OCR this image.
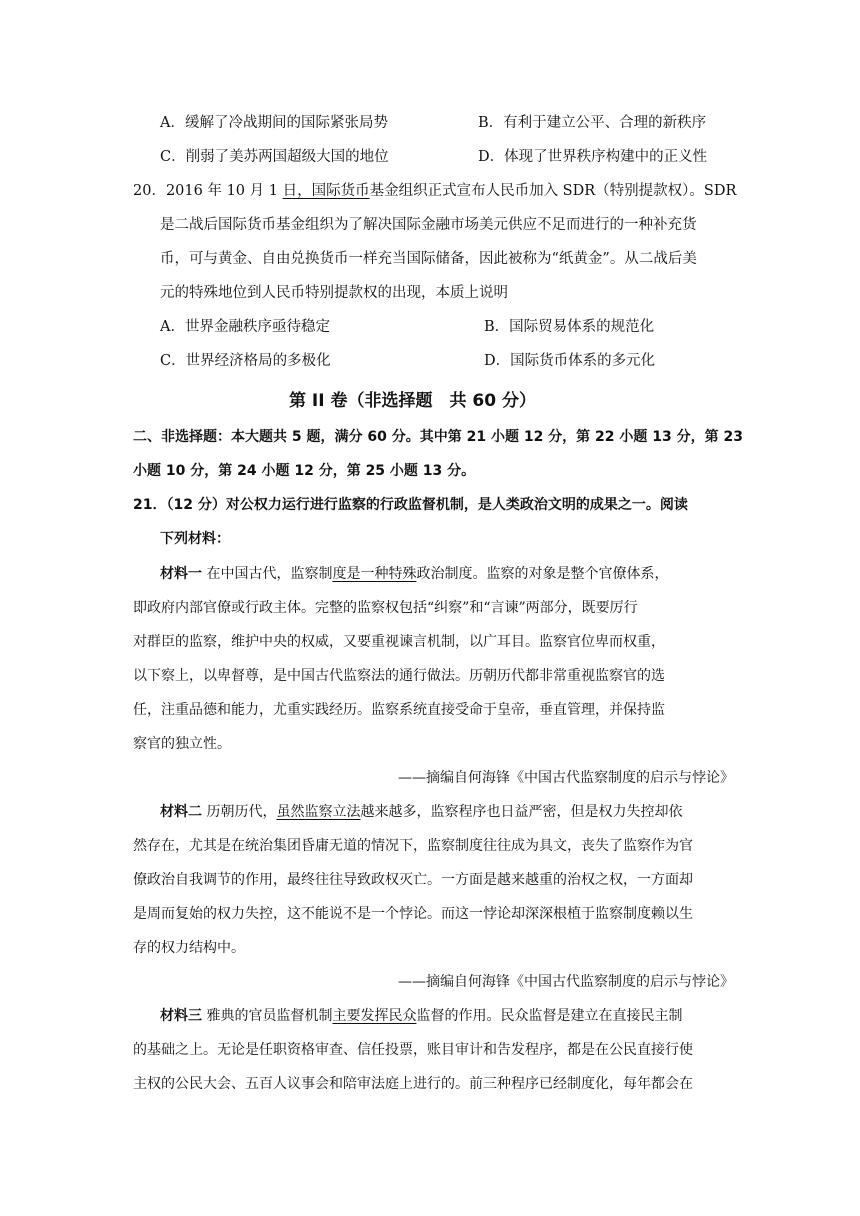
A．缓解了冷战期间的国际紧张局势	B．有利于建立公平、合理的新秩序
C．削弱了美苏两国超级大国的地位	D．体现了世界秩序构建中的正义性
20．2016 年 10 月 1 日，国际货币基金组织正式宣布人民币加入 SDR（特别提款权）。SDR
是二战后国际货币基金组织为了解决国际金融市场美元供应不足而进行的一种补充货
币，可与黄金、自由兑换货币一样充当国际储备，因此被称为“纸黄金”。从二战后美
元的特殊地位到人民币特别提款权的出现，本质上说明
A．世界金融秩序亟待稳定	B．国际贸易体系的规范化
C．世界经济格局的多极化	D．国际货币体系的多元化
第 II 卷（非选择题　共 60 分）
二、非选择题：本大题共 5 题，满分 60 分。其中第 21 小题 12 分，第 22 小题 13 分，第 23
小题 10 分，第 24 小题 12 分，第 25 小题 13 分。
21．（12 分）对公权力运行进行监察的行政监督机制，是人类政治文明的成果之一。阅读
下列材料：
材料一 在中国古代，监察制度是一种特殊政治制度。监察的对象是整个官僚体系，
即政府内部官僚或行政主体。完整的监察权包括“纠察”和“言谏”两部分，既要厉行
对群臣的监察，维护中央的权威，又要重视谏言机制，以广耳目。监察官位卑而权重，
以下察上，以卑督尊，是中国古代监察法的通行做法。历朝历代都非常重视监察官的选
任，注重品德和能力，尤重实践经历。监察系统直接受命于皇帝，垂直管理，并保持监
察官的独立性。
——摘编自何海锋《中国古代监察制度的启示与悖论》
材料二 历朝历代，虽然监察立法越来越多，监察程序也日益严密，但是权力失控却依
然存在，尤其是在统治集团昏庸无道的情况下，监察制度往往成为具文，丧失了监察作为官
僚政治自我调节的作用，最终往往导致政权灭亡。一方面是越来越重的治权之权，一方面却
是周而复始的权力失控，这不能说不是一个悖论。而这一悖论却深深根植于监察制度赖以生
存的权力结构中。
——摘编自何海锋《中国古代监察制度的启示与悖论》
材料三 雅典的官员监督机制主要发挥民众监督的作用。民众监督是建立在直接民主制
的基础之上。无论是任职资格审查、信任投票，账目审计和告发程序，都是在公民直接行使
主权的公民大会、五百人议事会和陪审法庭上进行的。前三种程序已经制度化，每年都会在
